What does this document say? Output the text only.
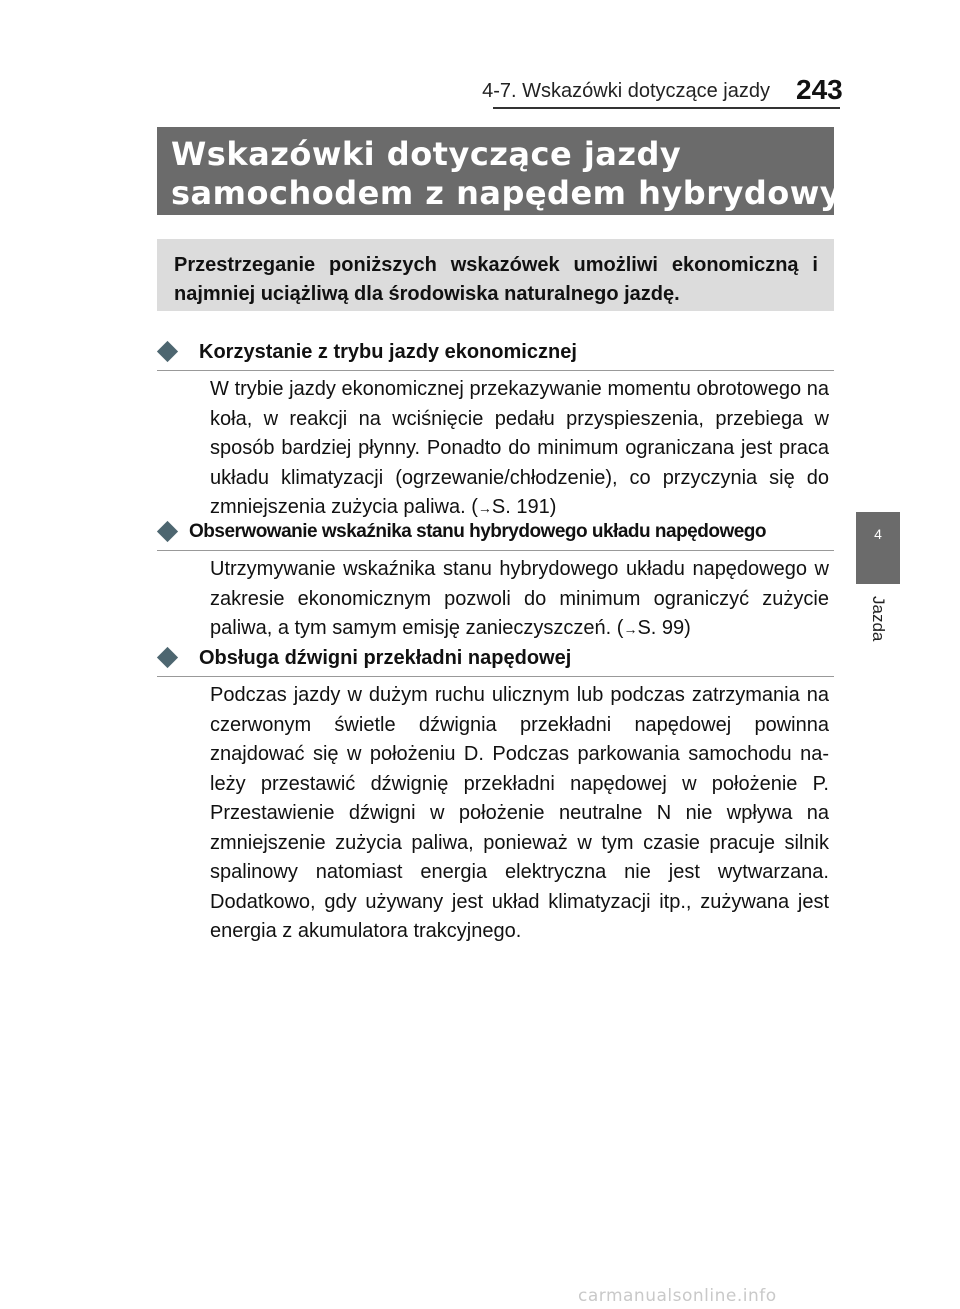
4-7. Wskazówki dotyczące jazdy 243
Wskazówki dotyczące jazdy
samochodem z napędem hybrydowym
Przestrzeganie poniższych wskazówek umożliwi ekonomiczną i najmniej uciążliwą dla środowiska naturalnego jazdę.
Korzystanie z trybu jazdy ekonomicznej

W trybie jazdy ekonomicznej przekazywanie momentu obrotowego na koła, w reakcji na wciśnięcie pedału przyspieszenia, przebiega w sposób bardziej płynny. Ponadto do minimum ograniczana jest praca układu klimatyzacji (ogrzewanie/chłodzenie), co przyczynia się do zmniejszenia zużycia paliwa. (→S. 191)

Obserwowanie wskaźnika stanu hybrydowego układu napędowego

Utrzymywanie wskaźnika stanu hybrydowego układu napędowego w zakresie ekonomicznym pozwoli do minimum ograniczyć zużycie paliwa, a tym samym emisję zanieczyszczeń. (→S. 99)

Obsługa dźwigni przekładni napędowej

Podczas jazdy w dużym ruchu ulicznym lub podczas zatrzymania na czerwonym świetle dźwignia przekładni napędowej powinna znajdować się w położeniu D. Podczas parkowania samochodu na-leży przestawić dźwignię przekładni napędowej w położenie P. Przestawienie dźwigni w położenie neutralne N nie wpływa na zmniejszenie zużycia paliwa, ponieważ w tym czasie pracuje silnik spalinowy natomiast energia elektryczna nie jest wytwarzana. Dodatkowo, gdy używany jest układ klimatyzacji itp., zużywana jest energia z akumulatora trakcyjnego.

4
Jazda
carmanualsonline.info
